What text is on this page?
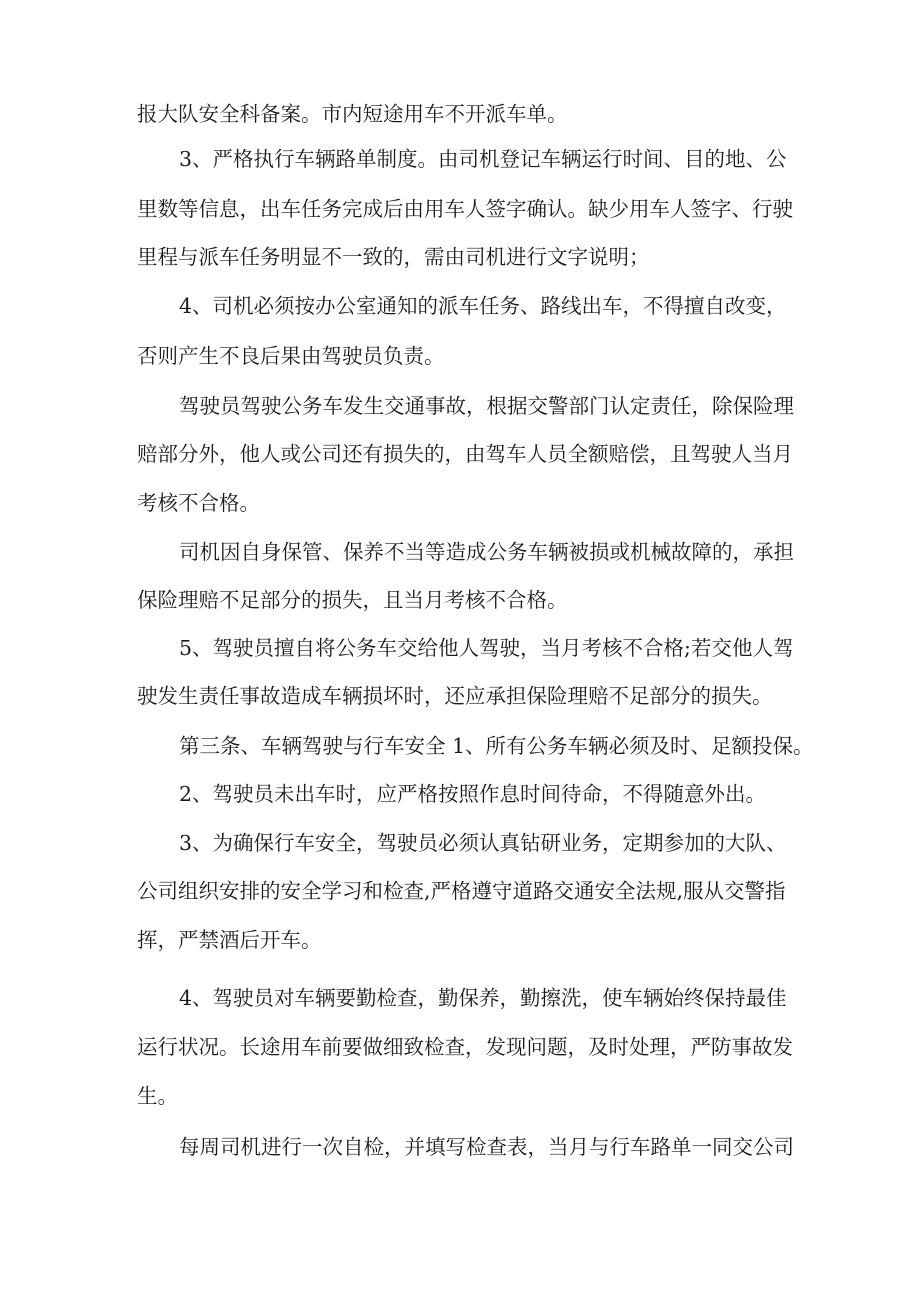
报大队安全科备案。市内短途用车不开派车单。
3、严格执行车辆路单制度。由司机登记车辆运行时间、目的地、公
里数等信息，出车任务完成后由用车人签字确认。缺少用车人签字、行驶
里程与派车任务明显不一致的，需由司机进行文字说明；
4、司机必须按办公室通知的派车任务、路线出车，不得擅自改变，
否则产生不良后果由驾驶员负责。
驾驶员驾驶公务车发生交通事故，根据交警部门认定责任，除保险理
赔部分外，他人或公司还有损失的，由驾车人员全额赔偿，且驾驶人当月
考核不合格。
司机因自身保管、保养不当等造成公务车辆被损或机械故障的，承担
保险理赔不足部分的损失，且当月考核不合格。
5、驾驶员擅自将公务车交给他人驾驶，当月考核不合格;若交他人驾
驶发生责任事故造成车辆损坏时，还应承担保险理赔不足部分的损失。
第三条、车辆驾驶与行车安全 1、所有公务车辆必须及时、足额投保。
2、驾驶员未出车时，应严格按照作息时间待命，不得随意外出。
3、为确保行车安全，驾驶员必须认真钻研业务，定期参加的大队、
公司组织安排的安全学习和检查,严格遵守道路交通安全法规,服从交警指
挥，严禁酒后开车。
4、驾驶员对车辆要勤检查，勤保养，勤擦洗，使车辆始终保持最佳
运行状况。长途用车前要做细致检查，发现问题，及时处理，严防事故发
生。
每周司机进行一次自检，并填写检查表，当月与行车路单一同交公司
